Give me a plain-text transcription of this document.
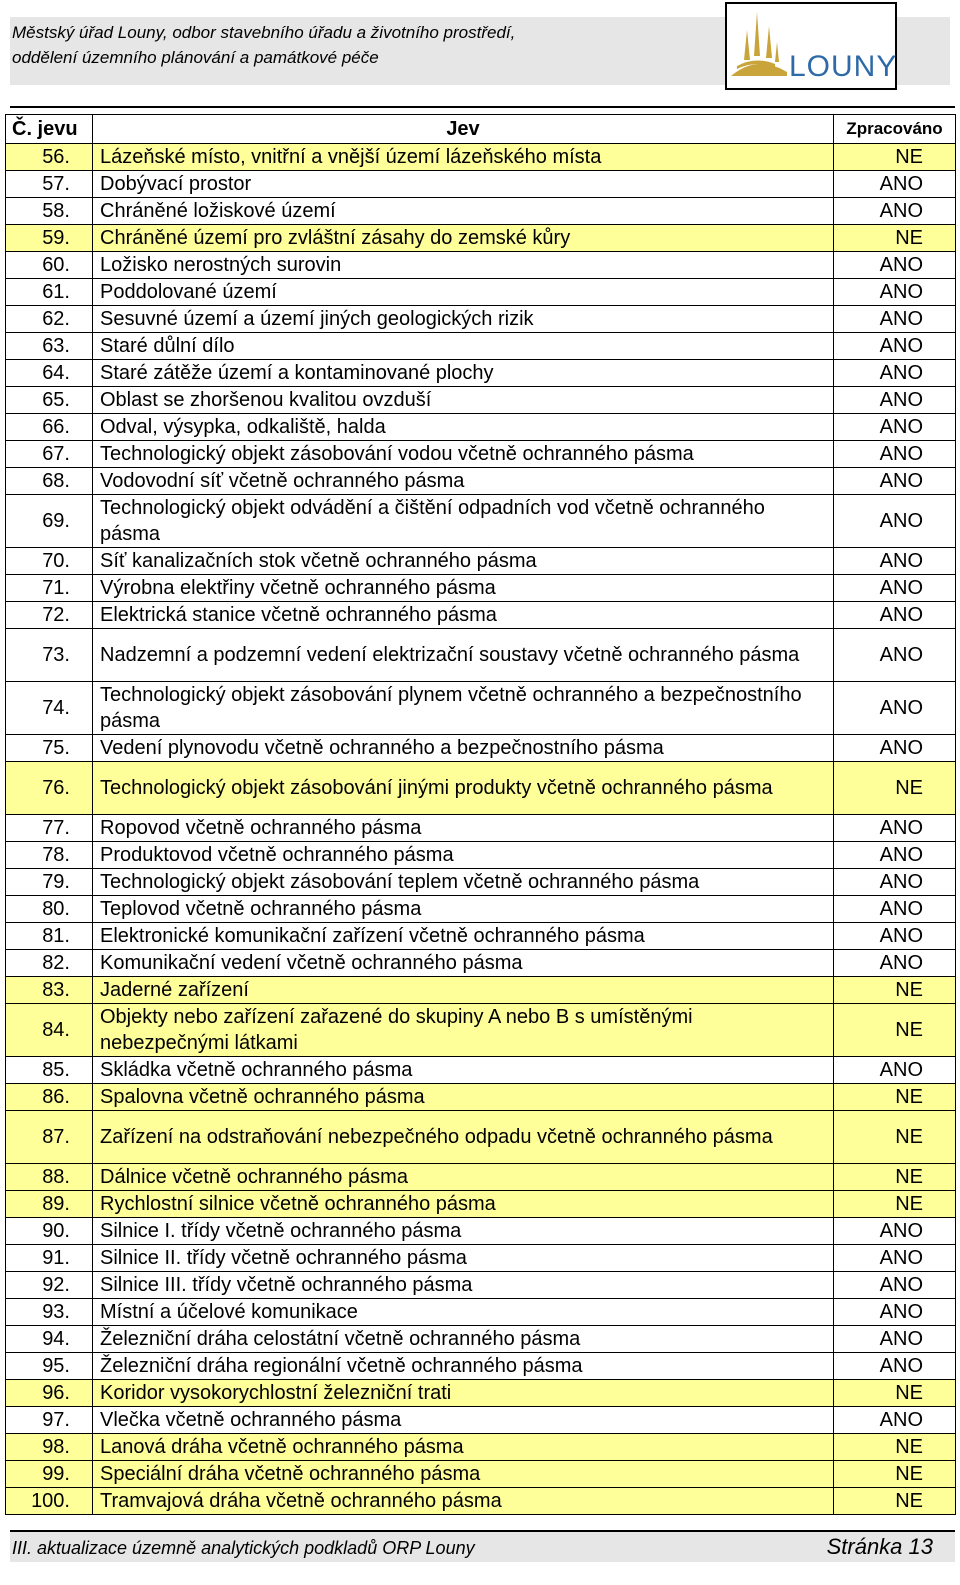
Městský úřad Louny, odbor stavebního úřadu a životního prostředí,
oddělení územního plánování a památkové péče	LOUNY
Č. jevu	Jev	Zpracováno
56.	Lázeňské místo, vnitřní a vnější území lázeňského místa	NE
57.	Dobývací prostor	ANO
58.	Chráněné ložiskové území	ANO
59.	Chráněné území pro zvláštní zásahy do zemské kůry	NE
60.	Ložisko nerostných surovin	ANO
61.	Poddolované území	ANO
62.	Sesuvné území a území jiných geologických rizik	ANO
63.	Staré důlní dílo	ANO
64.	Staré zátěže území a kontaminované plochy	ANO
65.	Oblast se zhoršenou kvalitou ovzduší	ANO
66.	Odval, výsypka, odkaliště, halda	ANO
67.	Technologický objekt zásobování vodou včetně ochranného pásma	ANO
68.	Vodovodní síť včetně ochranného pásma	ANO
69.	Technologický objekt odvádění a čištění odpadních vod včetně ochranného pásma	ANO
70.	Síť kanalizačních stok včetně ochranného pásma	ANO
71.	Výrobna elektřiny včetně ochranného pásma	ANO
72.	Elektrická stanice včetně ochranného pásma	ANO
73.	Nadzemní a podzemní vedení elektrizační soustavy včetně ochranného pásma	ANO
74.	Technologický objekt zásobování plynem včetně ochranného a bezpečnostního pásma	ANO
75.	Vedení plynovodu včetně ochranného a bezpečnostního pásma	ANO
76.	Technologický objekt zásobování jinými produkty včetně ochranného pásma	NE
77.	Ropovod včetně ochranného pásma	ANO
78.	Produktovod včetně ochranného pásma	ANO
79.	Technologický objekt zásobování teplem včetně ochranného pásma	ANO
80.	Teplovod včetně ochranného pásma	ANO
81.	Elektronické komunikační zařízení včetně ochranného pásma	ANO
82.	Komunikační vedení včetně ochranného pásma	ANO
83.	Jaderné zařízení	NE
84.	Objekty nebo zařízení zařazené do skupiny A nebo B s umístěnými nebezpečnými látkami	NE
85.	Skládka včetně ochranného pásma	ANO
86.	Spalovna včetně ochranného pásma	NE
87.	Zařízení na odstraňování nebezpečného odpadu včetně ochranného pásma	NE
88.	Dálnice včetně ochranného pásma	NE
89.	Rychlostní silnice včetně ochranného pásma	NE
90.	Silnice I. třídy včetně ochranného pásma	ANO
91.	Silnice II. třídy včetně ochranného pásma	ANO
92.	Silnice III. třídy včetně ochranného pásma	ANO
93.	Místní a účelové komunikace	ANO
94.	Železniční dráha celostátní včetně ochranného pásma	ANO
95.	Železniční dráha regionální včetně ochranného pásma	ANO
96.	Koridor vysokorychlostní železniční trati	NE
97.	Vlečka včetně ochranného pásma	ANO
98.	Lanová dráha včetně ochranného pásma	NE
99.	Speciální dráha včetně ochranného pásma	NE
100.	Tramvajová dráha včetně ochranného pásma	NE
III. aktualizace územně analytických podkladů ORP Louny	Stránka 13
